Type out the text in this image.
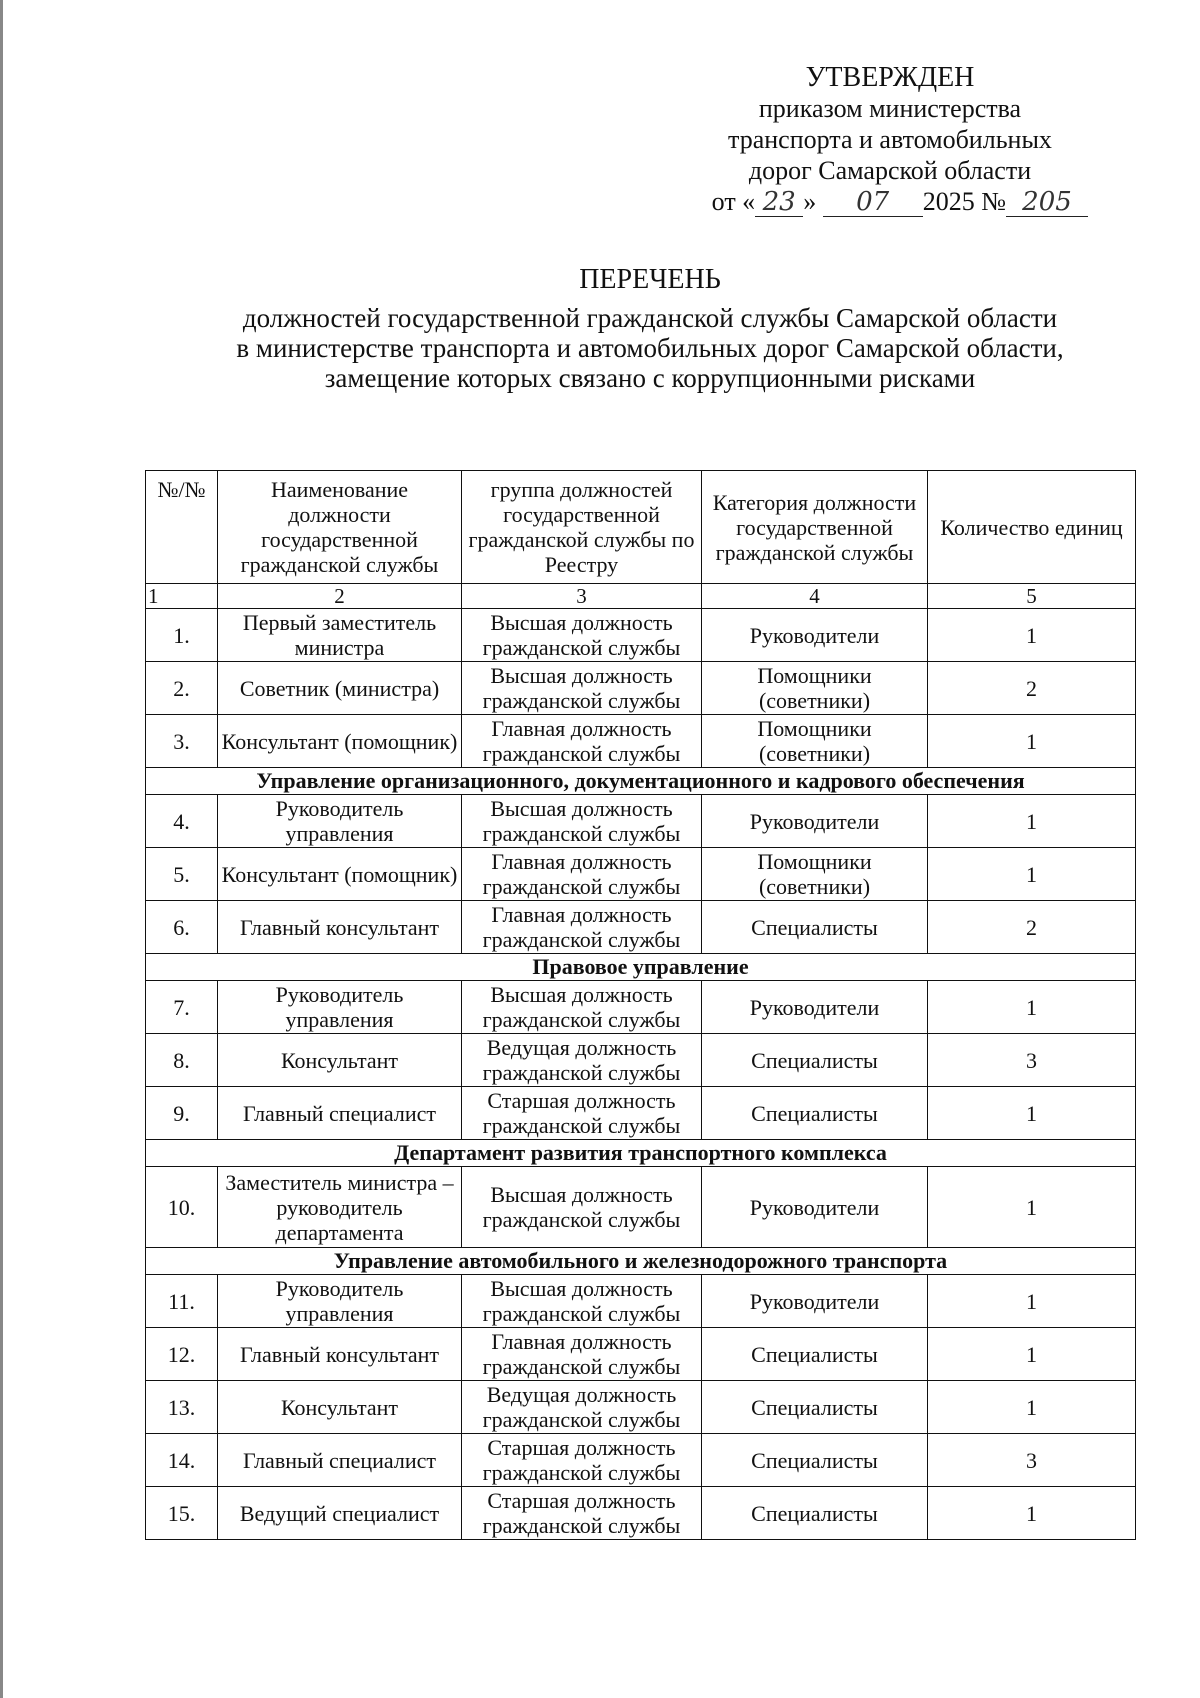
УТВЕРЖДЕН
приказом министерства
транспорта и автомобильных
дорог Самарской области
от « 23 » 07 2025 № 205
ПЕРЕЧЕНЬ
должностей государственной гражданской службы Самарской области
в министерстве транспорта и автомобильных дорог Самарской области,
замещение которых связано с коррупционными рисками
№/№	Наименование должности государственной гражданской службы	группа должностей государственной гражданской службы по Реестру	Категория должности государственной гражданской службы	Количество единиц
1	2	3	4	5
1.	Первый заместитель министра	Высшая должность гражданской службы	Руководители	1
2.	Советник (министра)	Высшая должность гражданской службы	Помощники (советники)	2
3.	Консультант (помощник)	Главная должность гражданской службы	Помощники (советники)	1
Управление организационного, документационного и кадрового обеспечения				
4.	Руководитель управления	Высшая должность гражданской службы	Руководители	1
5.	Консультант (помощник)	Главная должность гражданской службы	Помощники (советники)	1
6.	Главный консультант	Главная должность гражданской службы	Специалисты	2
Правовое управление				
7.	Руководитель управления	Высшая должность гражданской службы	Руководители	1
8.	Консультант	Ведущая должность гражданской службы	Специалисты	3
9.	Главный специалист	Старшая должность гражданской службы	Специалисты	1
Департамент развития транспортного комплекса				
10.	Заместитель министра – руководитель департамента	Высшая должность гражданской службы	Руководители	1
Управление автомобильного и железнодорожного транспорта				
11.	Руководитель управления	Высшая должность гражданской службы	Руководители	1
12.	Главный консультант	Главная должность гражданской службы	Специалисты	1
13.	Консультант	Ведущая должность гражданской службы	Специалисты	1
14.	Главный специалист	Старшая должность гражданской службы	Специалисты	3
15.	Ведущий специалист	Старшая должность гражданской службы	Специалисты	1
